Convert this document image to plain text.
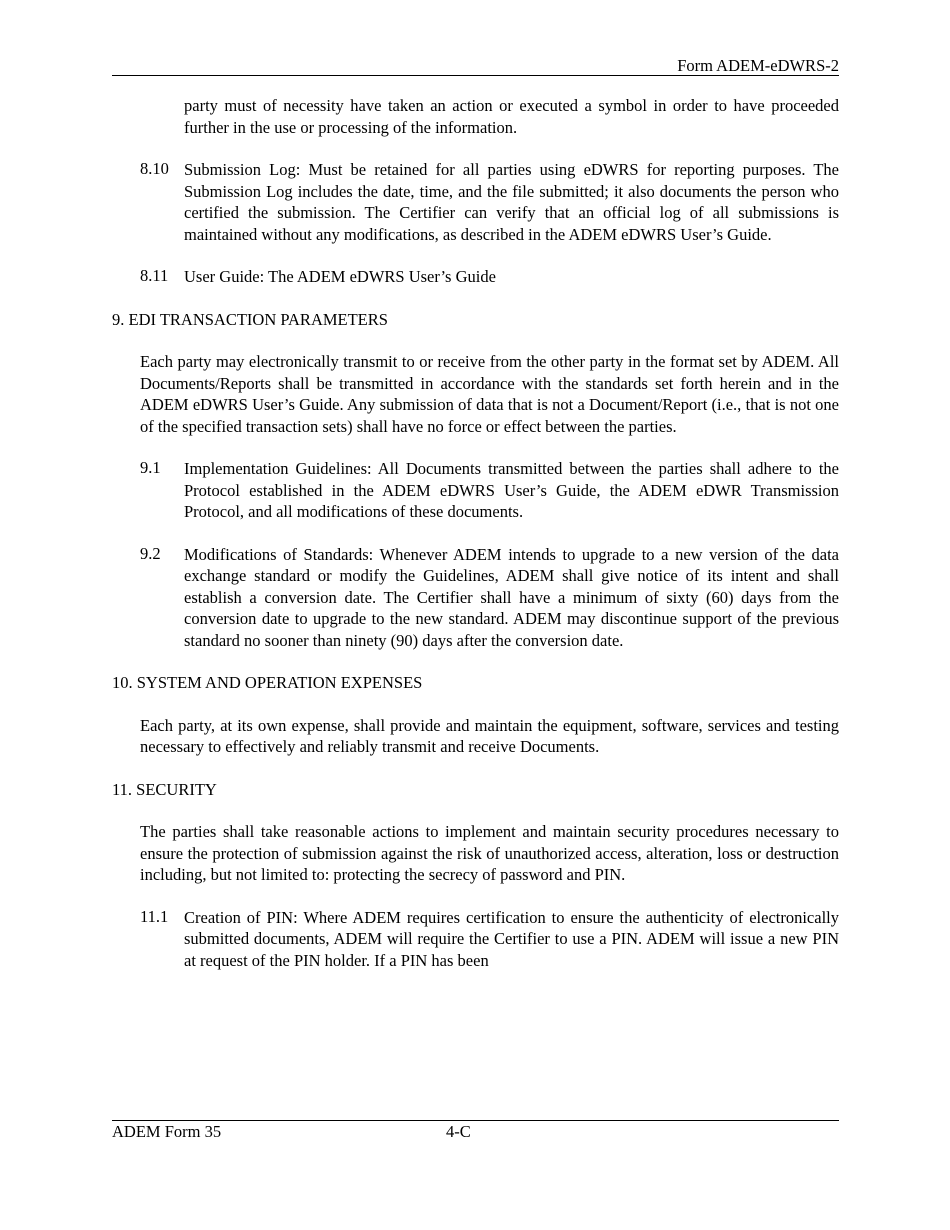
Form ADEM-eDWRS-2

party must of necessity have taken an action or executed a symbol in order to have proceeded further in the use or processing of the information.

8.10 Submission Log: Must be retained for all parties using eDWRS for reporting purposes. The Submission Log includes the date, time, and the file submitted; it also documents the person who certified the submission. The Certifier can verify that an official log of all submissions is maintained without any modifications, as described in the ADEM eDWRS User’s Guide.

8.11 User Guide: The ADEM eDWRS User’s Guide

9. EDI TRANSACTION PARAMETERS

Each party may electronically transmit to or receive from the other party in the format set by ADEM. All Documents/Reports shall be transmitted in accordance with the standards set forth herein and in the ADEM eDWRS User’s Guide. Any submission of data that is not a Document/Report (i.e., that is not one of the specified transaction sets) shall have no force or effect between the parties.

9.1	Implementation Guidelines: All Documents transmitted between the parties shall adhere to the Protocol established in the ADEM eDWRS User’s Guide, the ADEM eDWR Transmission Protocol, and all modifications of these documents.

9.2	Modifications of Standards: Whenever ADEM intends to upgrade to a new version of the data exchange standard or modify the Guidelines, ADEM shall give notice of its intent and shall establish a conversion date. The Certifier shall have a minimum of sixty (60) days from the conversion date to upgrade to the new standard. ADEM may discontinue support of the previous standard no sooner than ninety (90) days after the conversion date.

10. SYSTEM AND OPERATION EXPENSES

Each party, at its own expense, shall provide and maintain the equipment, software, services and testing necessary to effectively and reliably transmit and receive Documents.

11. SECURITY

The parties shall take reasonable actions to implement and maintain security procedures necessary to ensure the protection of submission against the risk of unauthorized access, alteration, loss or destruction including, but not limited to: protecting the secrecy of password and PIN.

11.1 Creation of PIN: Where ADEM requires certification to ensure the authenticity of electronically submitted documents, ADEM will require the Certifier to use a PIN. ADEM will issue a new PIN at request of the PIN holder. If a PIN has been

ADEM Form 35	4-C
